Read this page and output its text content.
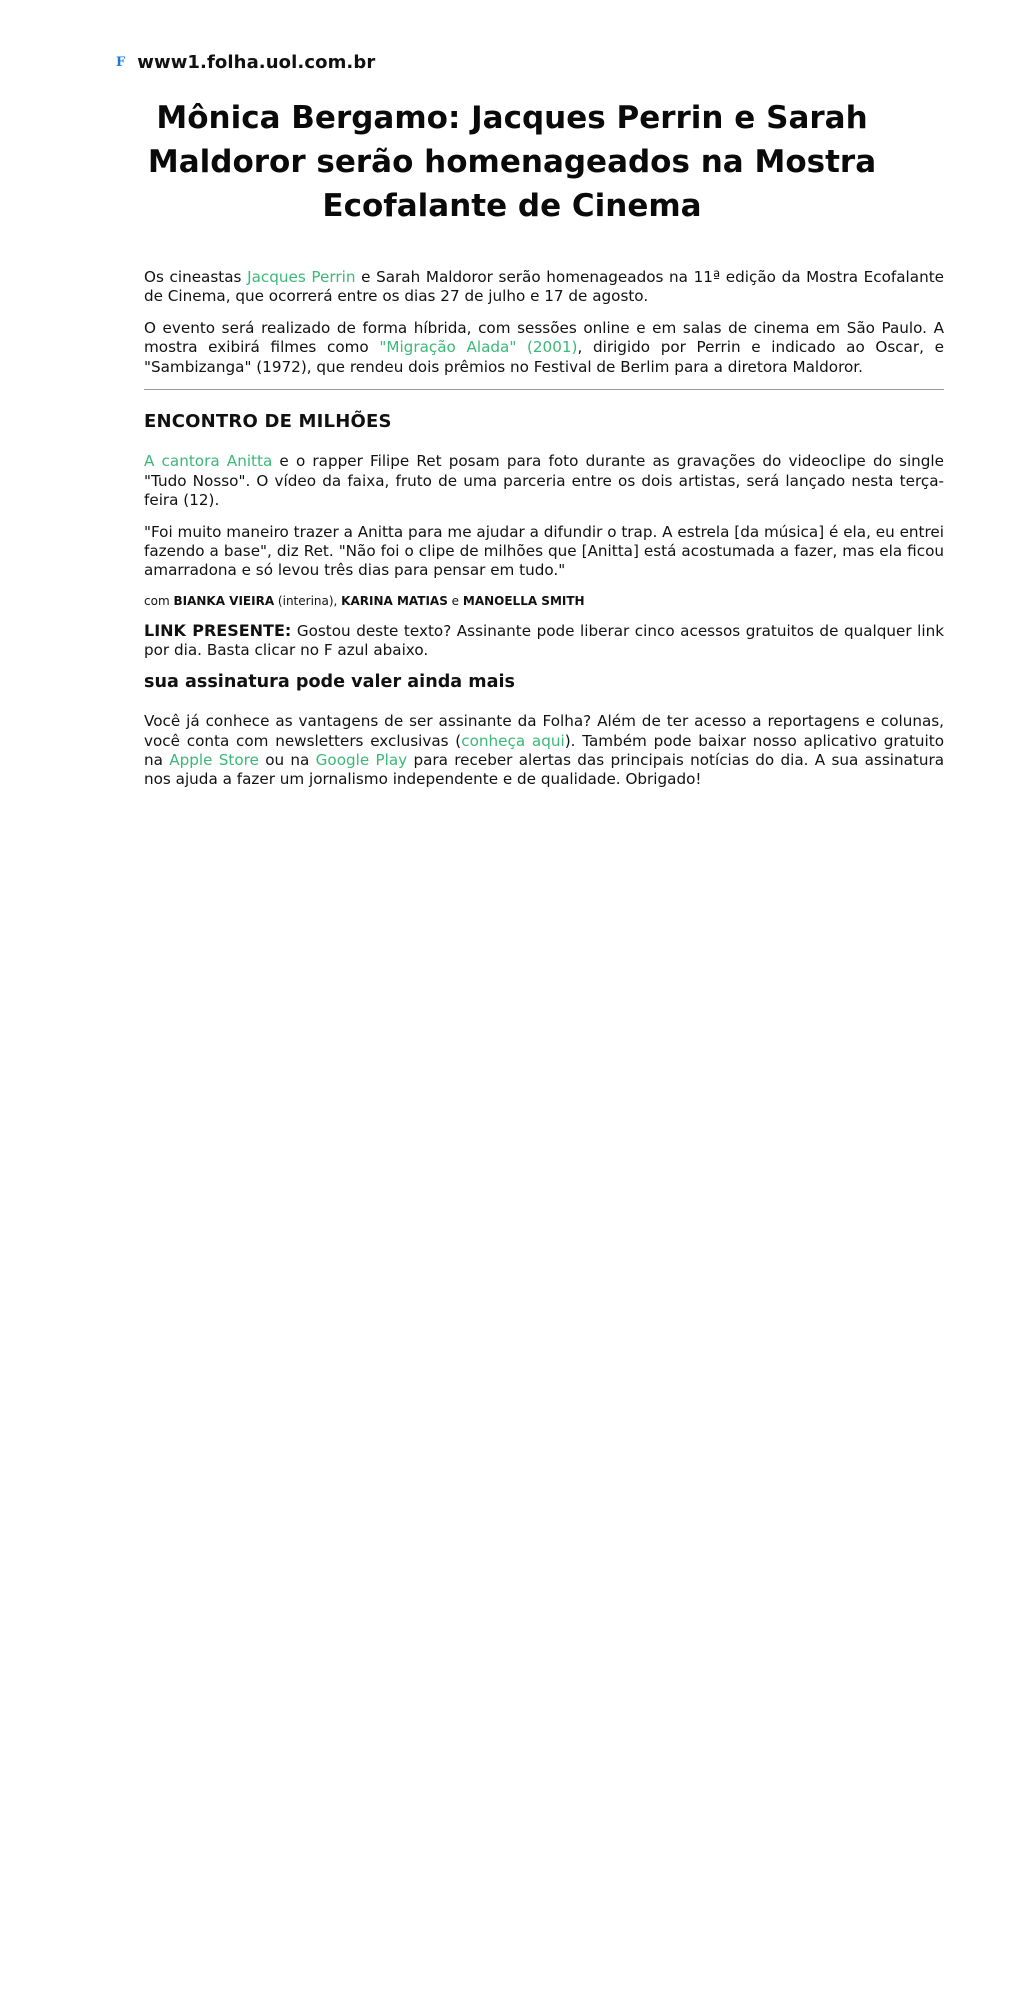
F www1.folha.uol.com.br
Mônica Bergamo: Jacques Perrin e Sarah Maldoror serão homenageados na Mostra Ecofalante de Cinema

Os cineastas Jacques Perrin e Sarah Maldoror serão homenageados na 11ª edição da Mostra Ecofalante de Cinema, que ocorrerá entre os dias 27 de julho e 17 de agosto.

O evento será realizado de forma híbrida, com sessões online e em salas de cinema em São Paulo. A mostra exibirá filmes como "Migração Alada" (2001), dirigido por Perrin e indicado ao Oscar, e "Sambizanga" (1972), que rendeu dois prêmios no Festival de Berlim para a diretora Maldoror.

ENCONTRO DE MILHÕES

A cantora Anitta e o rapper Filipe Ret posam para foto durante as gravações do videoclipe do single "Tudo Nosso". O vídeo da faixa, fruto de uma parceria entre os dois artistas, será lançado nesta terça-feira (12).

"Foi muito maneiro trazer a Anitta para me ajudar a difundir o trap. A estrela [da música] é ela, eu entrei fazendo a base", diz Ret. "Não foi o clipe de milhões que [Anitta] está acostumada a fazer, mas ela ficou amarradona e só levou três dias para pensar em tudo."

com BIANKA VIEIRA (interina), KARINA MATIAS e MANOELLA SMITH

LINK PRESENTE: Gostou deste texto? Assinante pode liberar cinco acessos gratuitos de qualquer link por dia. Basta clicar no F azul abaixo.

sua assinatura pode valer ainda mais

Você já conhece as vantagens de ser assinante da Folha? Além de ter acesso a reportagens e colunas, você conta com newsletters exclusivas (conheça aqui). Também pode baixar nosso aplicativo gratuito na Apple Store ou na Google Play para receber alertas das principais notícias do dia. A sua assinatura nos ajuda a fazer um jornalismo independente e de qualidade. Obrigado!
